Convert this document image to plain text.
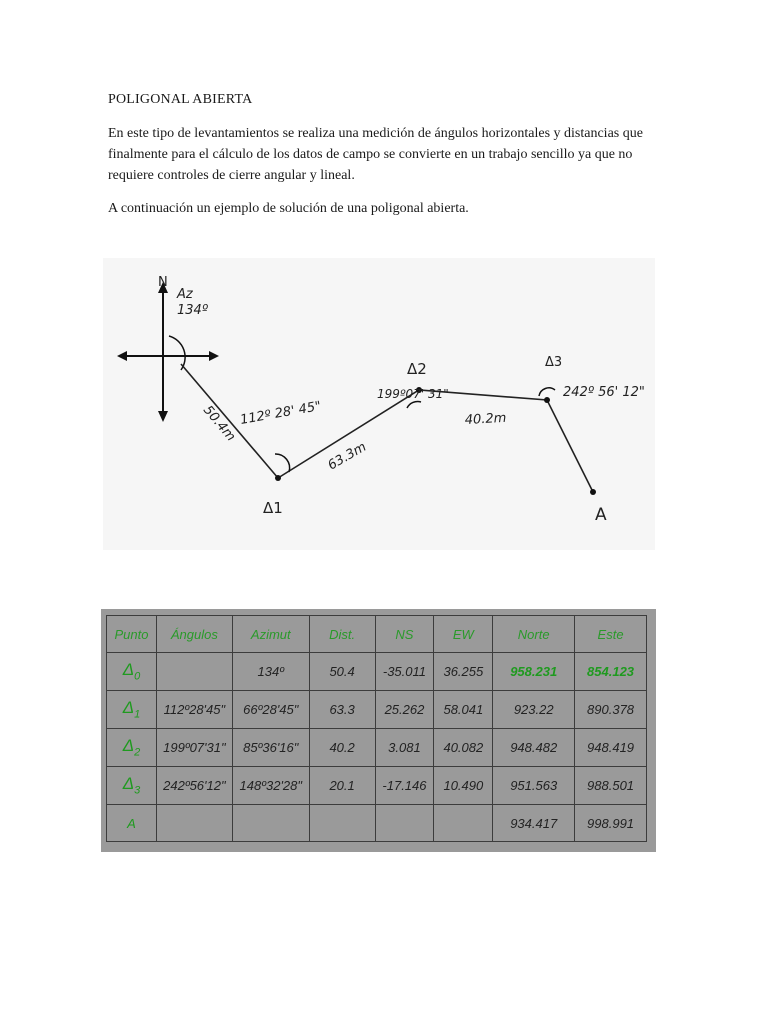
POLIGONAL ABIERTA
En este tipo de levantamientos se realiza una medición de ángulos horizontales y distancias que finalmente para el cálculo de los datos de campo se convierte en un trabajo sencillo ya que no requiere controles de cierre angular y lineal.
A continuación un ejemplo de solución de una poligonal abierta.
N
Az
134º
50.4m
63.3m
40.2m
112º 28' 45"
199º07' 31"	242º 56' 12"
Δ1
Δ2	Δ3
A
Punto	Ángulos	Azimut	Dist.	NS	EW	Norte	Este
$\Delta_0$		134º	50.4	-35.011	36.255	958.231	854.123
$\Delta_1$	112º28'45"	66º28'45"	63.3	25.262	58.041	923.22	890.378
$\Delta_2$	199º07'31"	85º36'16"	40.2	3.081	40.082	948.482	948.419
$\Delta_3$	242º56'12"	148º32'28"	20.1	-17.146	10.490	951.563	988.501
A						934.417	998.991
